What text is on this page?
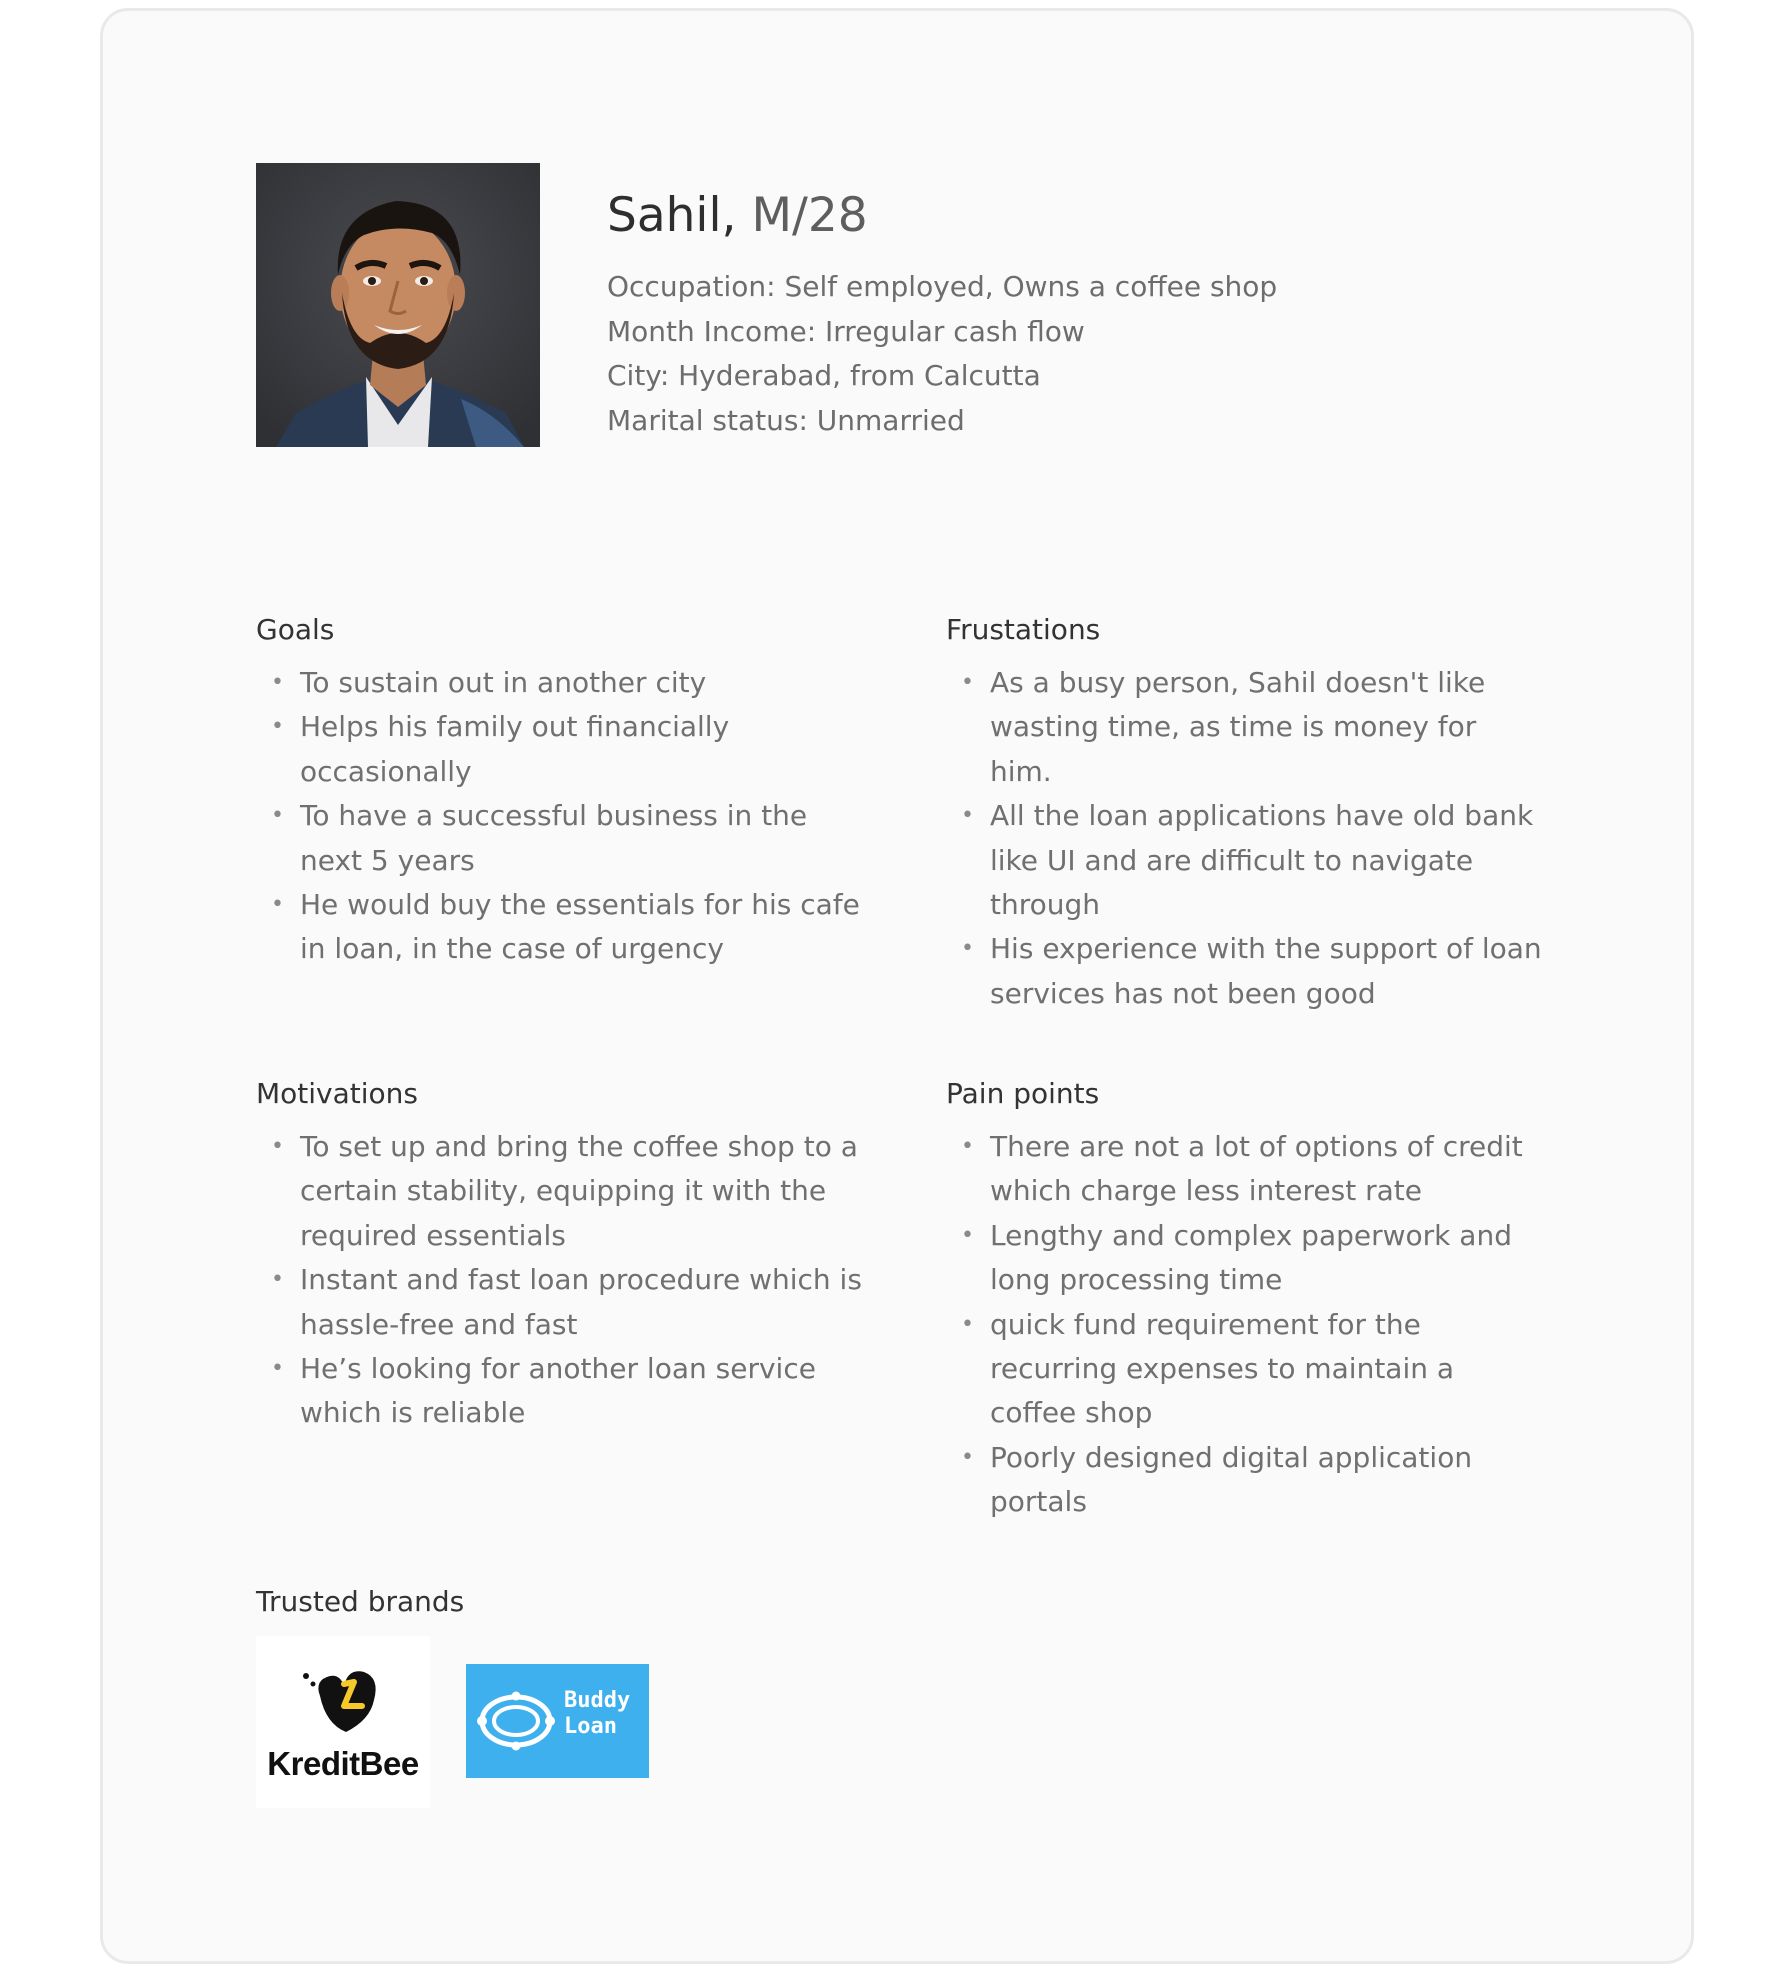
Sahil, M/28
Occupation: Self employed, Owns a coffee shop
Month Income: Irregular cash flow
City: Hyderabad, from Calcutta
Marital status: Unmarried
Goals
• To sustain out in another city
• Helps his family out financially occasionally
• To have a successful business in the next 5 years
• He would buy the essentials for his cafe in loan, in the case of urgency
Frustations
• As a busy person, Sahil doesn't like wasting time, as time is money for him.
• All the loan applications have old bank like UI and are difficult to navigate through
• His experience with the support of loan services has not been good
Motivations
• To set up and bring the coffee shop to a certain stability, equipping it with the required essentials
• Instant and fast loan procedure which is hassle-free and fast
• He’s looking for another loan service which is reliable
Pain points
• There are not a lot of options of credit which charge less interest rate
• Lengthy and complex paperwork and long processing time
• quick fund requirement for the recurring expenses to maintain a coffee shop
• Poorly designed digital application portals
Trusted brands
KreditBee
Buddy
Loan
